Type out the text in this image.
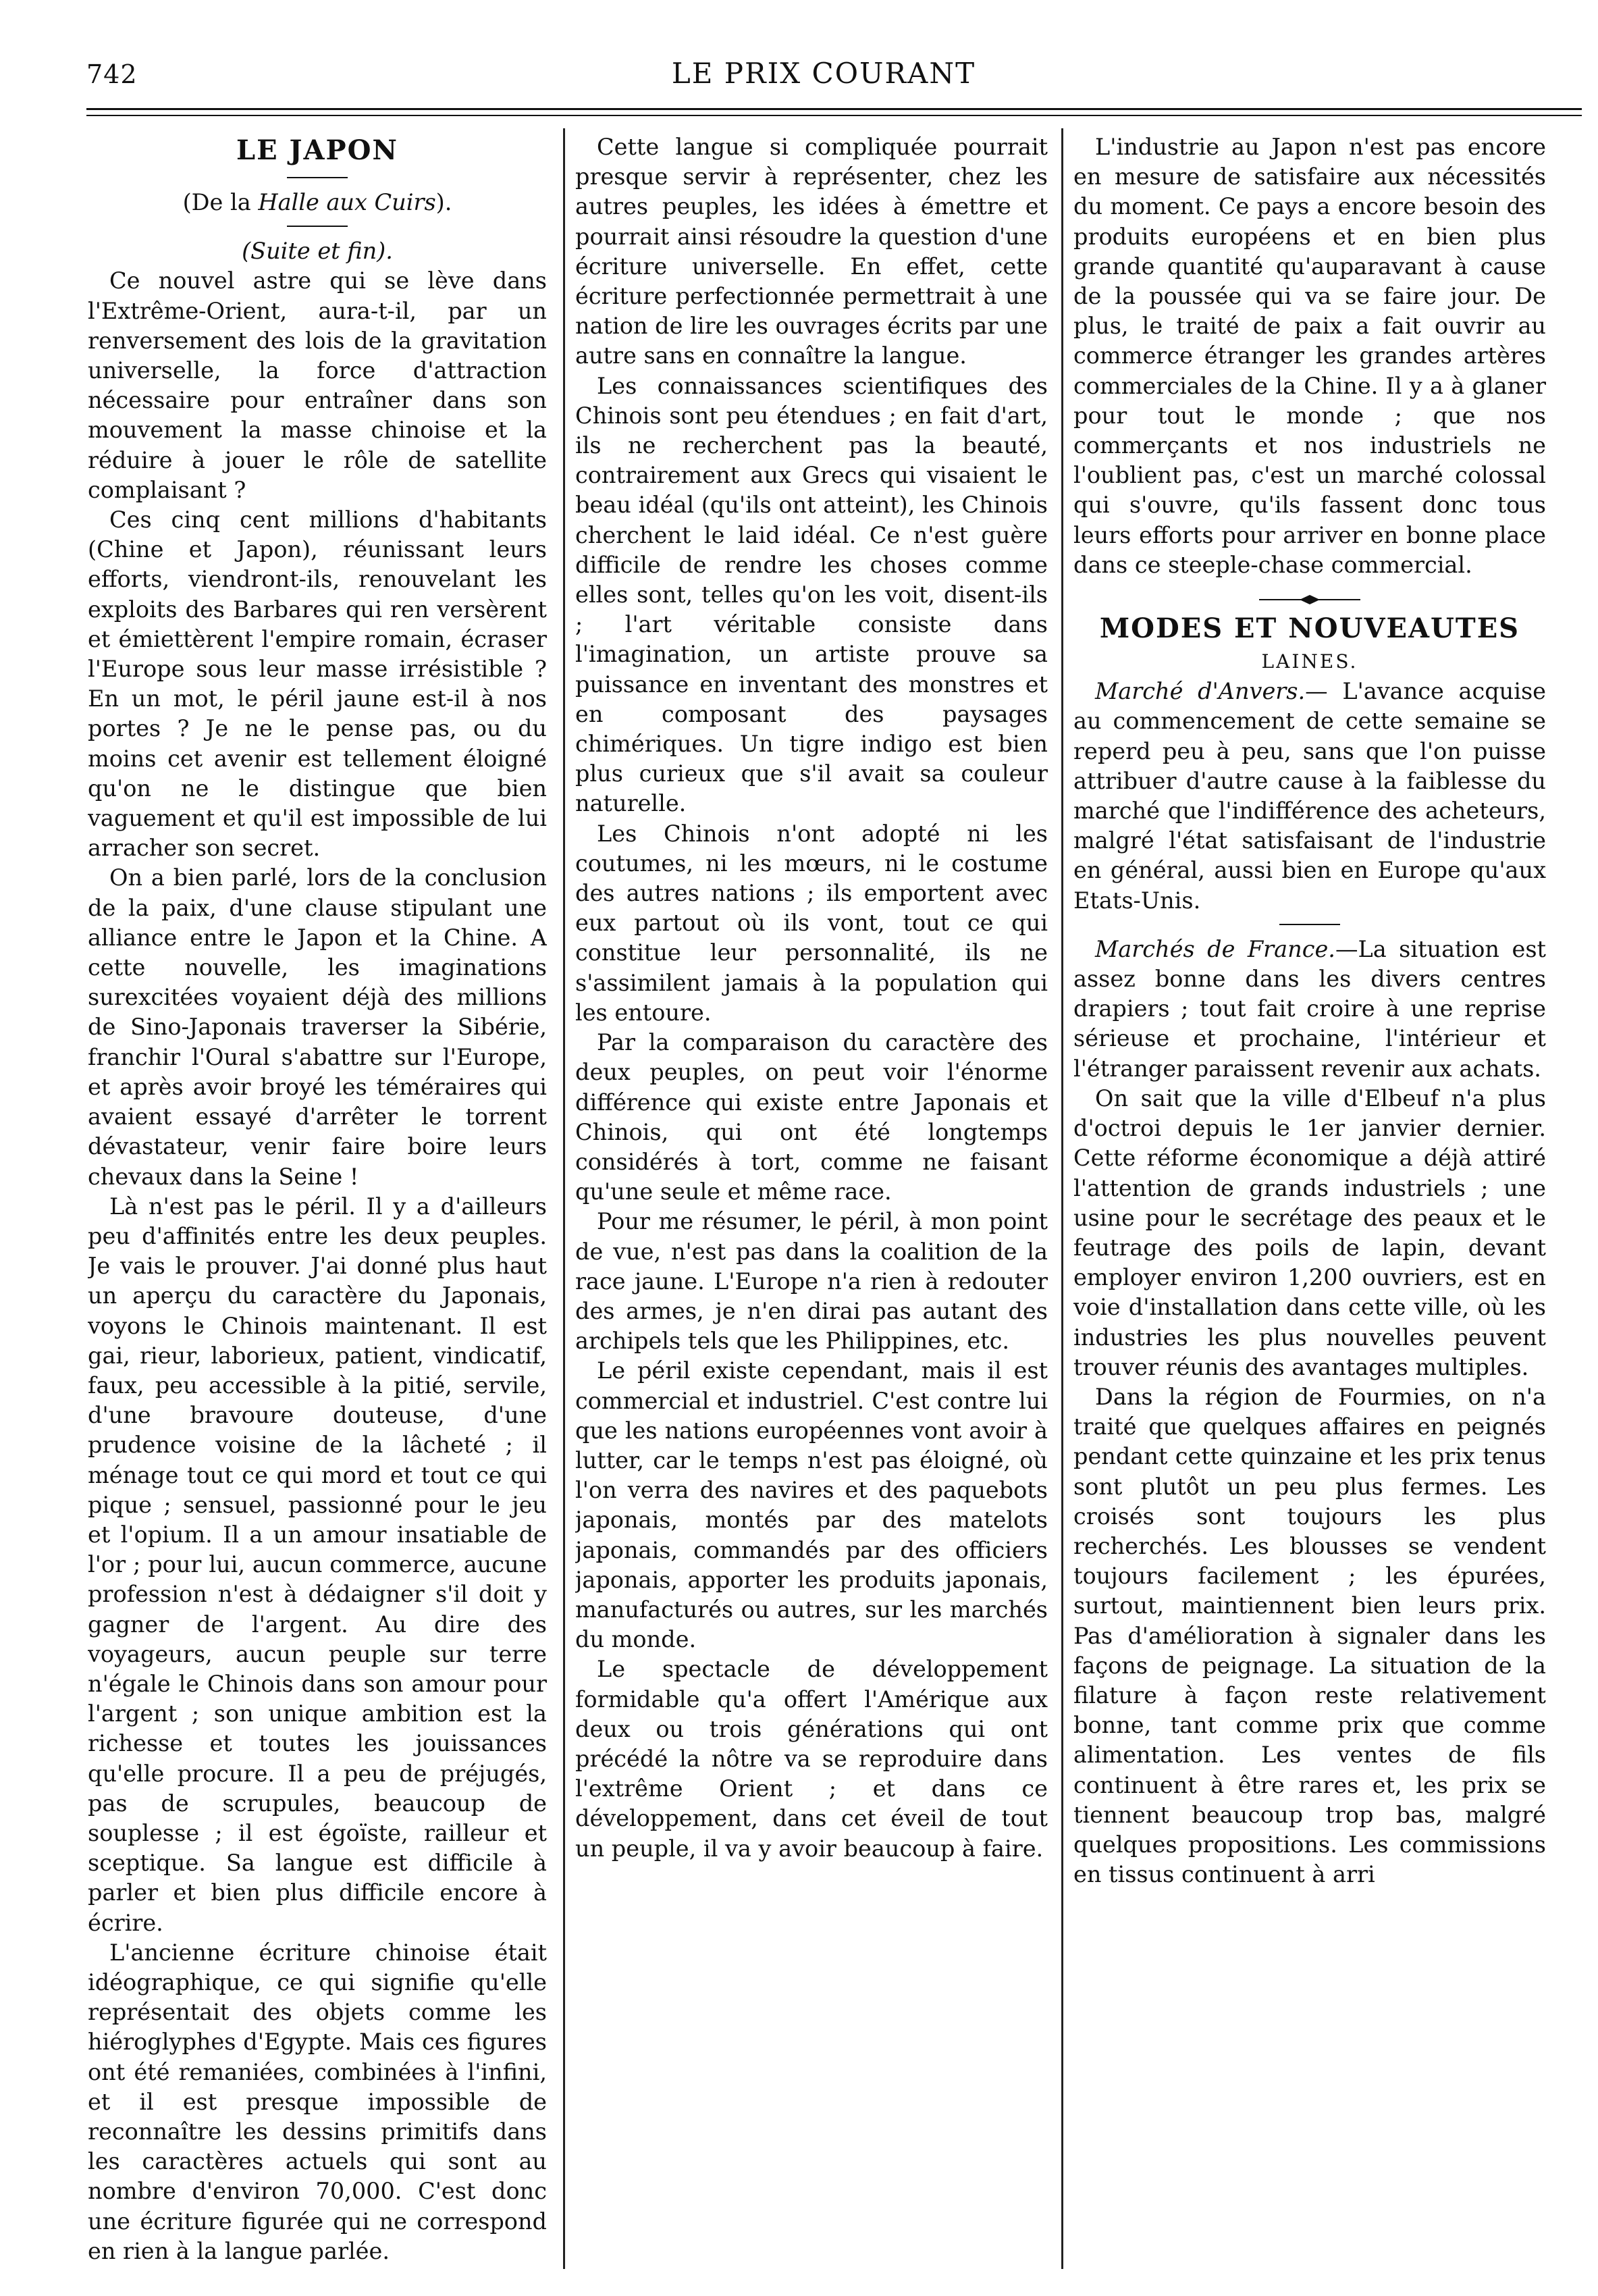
742	LE PRIX COURANT
LE JAPON

(De la Halle aux Cuirs).

(Suite et fin).

Ce nouvel astre qui se lève dans l'Extrême-Orient, aura-t-il, par un renversement des lois de la gravitation universelle, la force d'attraction nécessaire pour entraîner dans son mouvement la masse chinoise et la réduire à jouer le rôle de satellite complaisant ?

Ces cinq cent millions d'habitants (Chine et Japon), réunissant leurs efforts, viendront-ils, renouvelant les exploits des Barbares qui ren versèrent et émiettèrent l'empire romain, écraser l'Europe sous leur masse irrésistible ? En un mot, le péril jaune est-il à nos portes ? Je ne le pense pas, ou du moins cet avenir est tellement éloigné qu'on ne le distingue que bien vaguement et qu'il est impossible de lui arracher son secret.

On a bien parlé, lors de la conclusion de la paix, d'une clause stipulant une alliance entre le Japon et la Chine. A cette nouvelle, les imaginations surexcitées voyaient déjà des millions de Sino-Japonais traverser la Sibérie, franchir l'Oural s'abattre sur l'Europe, et après avoir broyé les téméraires qui avaient essayé d'arrêter le torrent dévastateur, venir faire boire leurs chevaux dans la Seine !

Là n'est pas le péril. Il y a d'ailleurs peu d'affinités entre les deux peuples. Je vais le prouver. J'ai donné plus haut un aperçu du caractère du Japonais, voyons le Chinois maintenant. Il est gai, rieur, laborieux, patient, vindicatif, faux, peu accessible à la pitié, servile, d'une bravoure douteuse, d'une prudence voisine de la lâcheté ; il ménage tout ce qui mord et tout ce qui pique ; sensuel, passionné pour le jeu et l'opium. Il a un amour insatiable de l'or ; pour lui, aucun commerce, aucune profession n'est à dédaigner s'il doit y gagner de l'argent. Au dire des voyageurs, aucun peuple sur terre n'égale le Chinois dans son amour pour l'argent ; son unique ambition est la richesse et toutes les jouissances qu'elle procure. Il a peu de préjugés, pas de scrupules, beaucoup de souplesse ; il est égoïste, railleur et sceptique. Sa langue est difficile à parler et bien plus difficile encore à écrire.

L'ancienne écriture chinoise était idéographique, ce qui signifie qu'elle représentait des objets comme les hiéroglyphes d'Egypte. Mais ces figures ont été remaniées, combinées à l'infini, et il est presque impossible de reconnaître les dessins primitifs dans les caractères actuels qui sont au nombre d'environ 70,000. C'est donc une écriture figurée qui ne correspond en rien à la langue parlée.

Cette langue si compliquée pourrait presque servir à représenter, chez les autres peuples, les idées à émettre et pourrait ainsi résoudre la question d'une écriture universelle. En effet, cette écriture perfectionnée permettrait à une nation de lire les ouvrages écrits par une autre sans en connaître la langue.

Les connaissances scientifiques des Chinois sont peu étendues ; en fait d'art, ils ne recherchent pas la beauté, contrairement aux Grecs qui visaient le beau idéal (qu'ils ont atteint), les Chinois cherchent le laid idéal. Ce n'est guère difficile de rendre les choses comme elles sont, telles qu'on les voit, disent-ils ; l'art véritable consiste dans l'imagination, un artiste prouve sa puissance en inventant des monstres et en composant des paysages chimériques. Un tigre indigo est bien plus curieux que s'il avait sa couleur naturelle.

Les Chinois n'ont adopté ni les coutumes, ni les mœurs, ni le costume des autres nations ; ils emportent avec eux partout où ils vont, tout ce qui constitue leur personnalité, ils ne s'assimilent jamais à la population qui les entoure.

Par la comparaison du caractère des deux peuples, on peut voir l'énorme différence qui existe entre Japonais et Chinois, qui ont été longtemps considérés à tort, comme ne faisant qu'une seule et même race.

Pour me résumer, le péril, à mon point de vue, n'est pas dans la coalition de la race jaune. L'Europe n'a rien à redouter des armes, je n'en dirai pas autant des archipels tels que les Philippines, etc.

Le péril existe cependant, mais il est commercial et industriel. C'est contre lui que les nations européennes vont avoir à lutter, car le temps n'est pas éloigné, où l'on verra des navires et des paquebots japonais, montés par des matelots japonais, commandés par des officiers japonais, apporter les produits japonais, manufacturés ou autres, sur les marchés du monde.

Le spectacle de développement formidable qu'a offert l'Amérique aux deux ou trois générations qui ont précédé la nôtre va se reproduire dans l'extrême Orient ; et dans ce développement, dans cet éveil de tout un peuple, il va y avoir beaucoup à faire.

L'industrie au Japon n'est pas encore en mesure de satisfaire aux nécessités du moment. Ce pays a encore besoin des produits européens et en bien plus grande quantité qu'auparavant à cause de la poussée qui va se faire jour. De plus, le traité de paix a fait ouvrir au commerce étranger les grandes artères commerciales de la Chine. Il y a à glaner pour tout le monde ; que nos commerçants et nos industriels ne l'oublient pas, c'est un marché colossal qui s'ouvre, qu'ils fassent donc tous leurs efforts pour arriver en bonne place dans ce steeple-chase commercial.

MODES ET NOUVEAUTES

LAINES.

Marché d'Anvers.— L'avance acquise au commencement de cette semaine se reperd peu à peu, sans que l'on puisse attribuer d'autre cause à la faiblesse du marché que l'indifférence des acheteurs, malgré l'état satisfaisant de l'industrie en général, aussi bien en Europe qu'aux Etats-Unis.

Marchés de France.—La situation est assez bonne dans les divers centres drapiers ; tout fait croire à une reprise sérieuse et prochaine, l'intérieur et l'étranger paraissent revenir aux achats.

On sait que la ville d'Elbeuf n'a plus d'octroi depuis le 1er janvier dernier. Cette réforme économique a déjà attiré l'attention de grands industriels ; une usine pour le secrétage des peaux et le feutrage des poils de lapin, devant employer environ 1,200 ouvriers, est en voie d'installation dans cette ville, où les industries les plus nouvelles peuvent trouver réunis des avantages multiples.

Dans la région de Fourmies, on n'a traité que quelques affaires en peignés pendant cette quinzaine et les prix tenus sont plutôt un peu plus fermes. Les croisés sont toujours les plus recherchés. Les blousses se vendent toujours facilement ; les épurées, surtout, maintiennent bien leurs prix. Pas d'amélioration à signaler dans les façons de peignage. La situation de la filature à façon reste relativement bonne, tant comme prix que comme alimentation. Les ventes de fils continuent à être rares et, les prix se tiennent beaucoup trop bas, malgré quelques propositions. Les commissions en tissus continuent à arri
